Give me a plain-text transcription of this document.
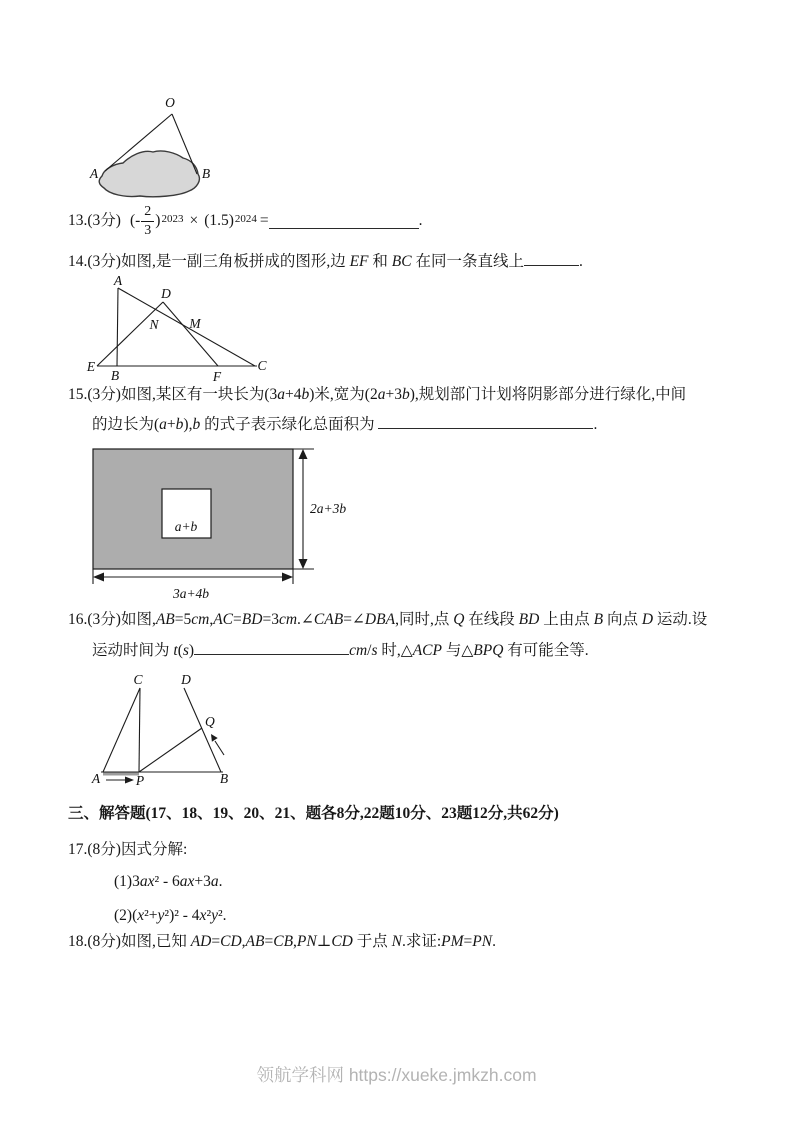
O
A	B
13.(3分) ( - $\frac{2}{3} )^{2023} \times (1.5)^{2024}$ =	.
14.(3分)如图,是一副三角板拼成的图形,边 EF 和 BC 在同一条直线上	.
A
D
N M
E
B	F
C
15.(3分)如图,某区有一块长为(3a+4b)米,宽为(2a+3b),规划部门计划将阴影部分进行绿化,中间
的边长为(a+b),b 的式子表示绿化总面积为	.
a+b
2a+3b
3a+4b
16.(3分)如图,AB=5cm,AC=BD=3cm.∠CAB=∠DBA,同时,点 Q 在线段 BD 上由点 B 向点 D 运动.设
运动时间为 t(s)	cm/s 时,△ACP 与△BPQ 有可能全等.
C	D
Q
A	P	B
三、解答题(17、18、19、20、21、题各8分,22题10分、23题12分,共62分)
17.(8分)因式分解:
(1)3ax² - 6ax+3a.
(2)(x²+y²)² - 4x²y².
18.(8分)如图,已知 AD=CD,AB=CB,PN⊥CD 于点 N.求证:PM=PN.
领航学科网 https://xueke.jmkzh.com
